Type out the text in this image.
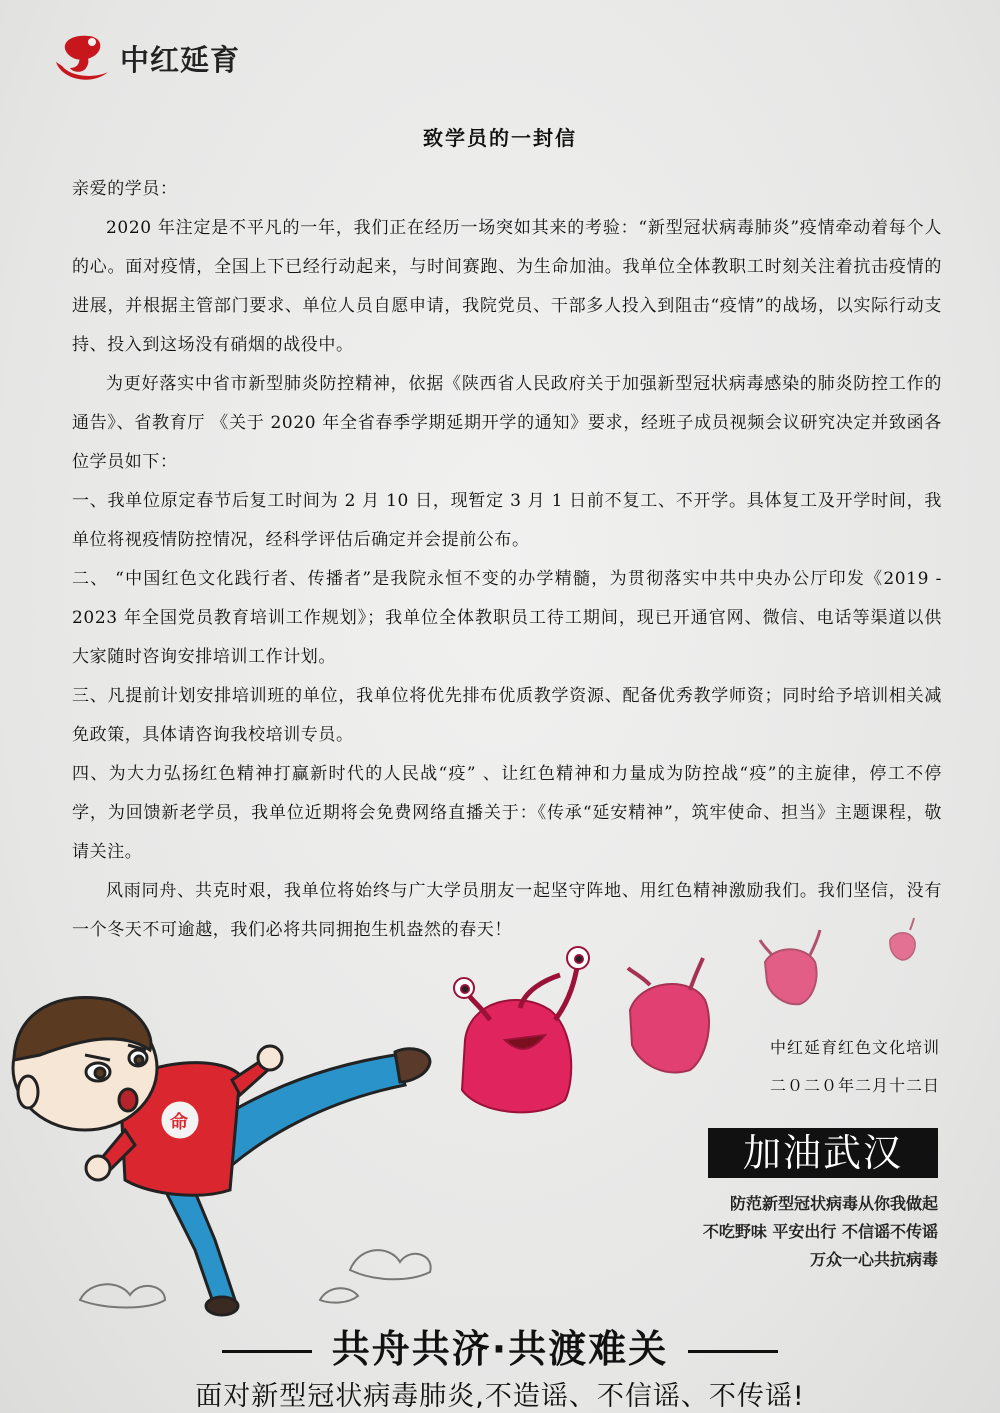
中红延育
致学员的一封信

亲爱的学员：

2020 年注定是不平凡的一年，我们正在经历一场突如其来的考验：“新型冠状病毒肺炎”疫情牵动着每个人的心。面对疫情，全国上下已经行动起来，与时间赛跑、为生命加油。我单位全体教职工时刻关注着抗击疫情的进展，并根据主管部门要求、单位人员自愿申请，我院党员、干部多人投入到阻击“疫情”的战场，以实际行动支持、投入到这场没有硝烟的战役中。

为更好落实中省市新型肺炎防控精神，依据《陕西省人民政府关于加强新型冠状病毒感染的肺炎防控工作的通告》、省教育厅 《关于 2020 年全省春季学期延期开学的通知》要求，经班子成员视频会议研究决定并致函各位学员如下：

一、我单位原定春节后复工时间为 2 月 10 日，现暂定 3 月 1 日前不复工、不开学。具体复工及开学时间，我单位将视疫情防控情况，经科学评估后确定并会提前公布。

二、 “中国红色文化践行者、传播者”是我院永恒不变的办学精髓，为贯彻落实中共中央办公厅印发《2019 - 2023 年全国党员教育培训工作规划》；我单位全体教职员工待工期间，现已开通官网、微信、电话等渠道以供大家随时咨询安排培训工作计划。

三、凡提前计划安排培训班的单位，我单位将优先排布优质教学资源、配备优秀教学师资；同时给予培训相关减免政策，具体请咨询我校培训专员。

四、为大力弘扬红色精神打赢新时代的人民战“疫” 、让红色精神和力量成为防控战“疫”的主旋律，停工不停学，为回馈新老学员，我单位近期将会免费网络直播关于：《传承“延安精神”，筑牢使命、担当》主题课程，敬请关注。

风雨同舟、共克时艰，我单位将始终与广大学员朋友一起坚守阵地、用红色精神激励我们。我们坚信，没有一个冬天不可逾越，我们必将共同拥抱生机盎然的春天！

命
中红延育红色文化培训
二０二０年二月十二日
加油武汉
防范新型冠状病毒从你我做起
不吃野味 平安出行 不信谣不传谣
万众一心共抗病毒
共舟共济·共渡难关
面对新型冠状病毒肺炎,不造谣、不信谣、不传谣!
